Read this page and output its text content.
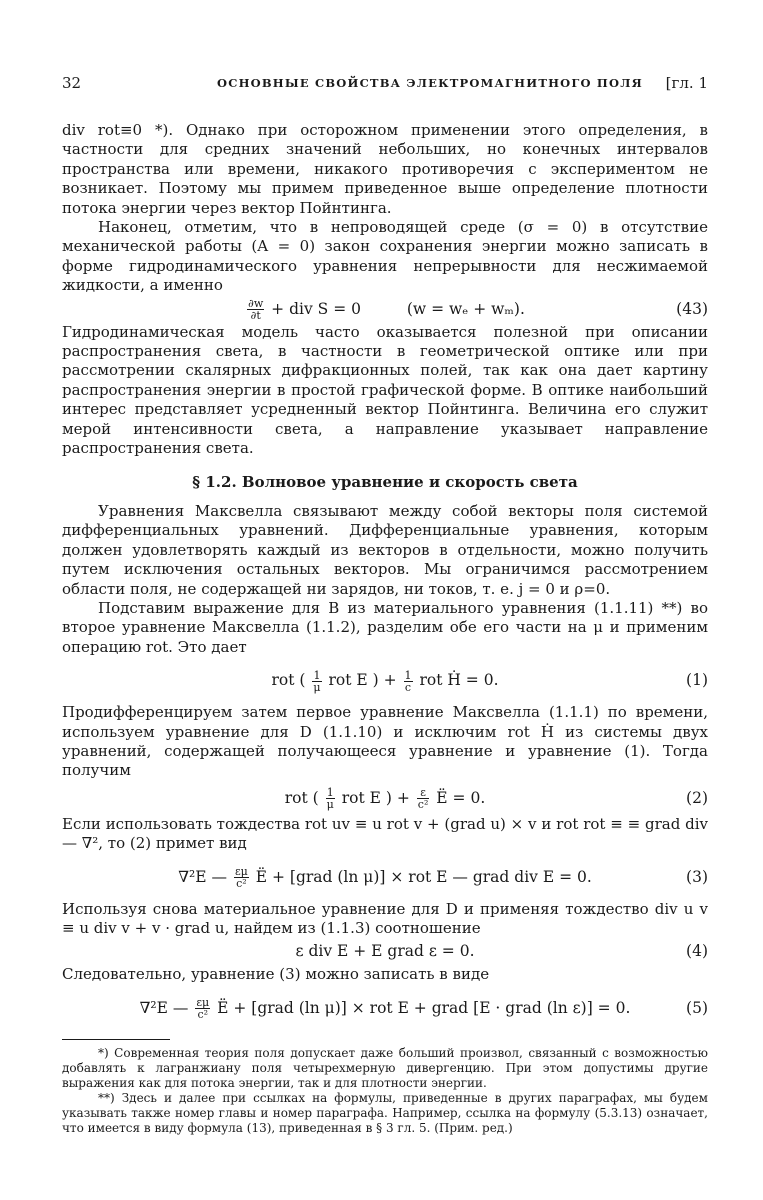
32	ОСНОВНЫЕ СВОЙСТВА ЭЛЕКТРОМАГНИТНОГО ПОЛЯ [гл. 1

div rot≡0 *). Однако при осторожном применении этого определения, в частности для средних значений небольших, но конечных интервалов пространства или времени, никакого противоречия с экспериментом не возникает. Поэтому мы примем приведенное выше определение плотности потока энергии через вектор Пойнтинга.

Наконец, отметим, что в непроводящей среде (σ = 0) в отсутствие механической работы (A = 0) закон сохранения энергии можно записать в форме гидродинамического уравнения непрерывности для несжимаемой жидкости, а именно

$\frac{\partial w}{\partial t}$ + div S = 0	(w = wₑ + wₘ).	(43)

Гидродинамическая модель часто оказывается полезной при описании распространения света, в частности в геометрической оптике или при рассмотрении скалярных дифракционных полей, так как она дает картину распространения энергии в простой графической форме. В оптике наибольший интерес представляет усредненный вектор Пойнтинга. Величина его служит мерой интенсивности света, а направление указывает направление распространения света.

§ 1.2. Волновое уравнение и скорость света

Уравнения Максвелла связывают между собой векторы поля системой дифференциальных уравнений. Дифференциальные уравнения, которым должен удовлетворять каждый из векторов в отдельности, можно получить путем исключения остальных векторов. Мы ограничимся рассмотрением области поля, не содержащей ни зарядов, ни токов, т. е. j = 0 и ρ=0.

Подставим выражение для B из материального уравнения (1.1.11) **) во второе уравнение Максвелла (1.1.2), разделим обе его части на μ и применим операцию rot. Это дает

rot ( $\frac{1}{\mu}$ rot E ) + $\frac{1}{c}$ rot Ḣ = 0.	(1)

Продифференцируем затем первое уравнение Максвелла (1.1.1) по времени, используем уравнение для D (1.1.10) и исключим rot Ḣ из системы двух уравнений, содержащей получающееся уравнение и уравнение (1). Тогда получим

rot ( $\frac{1}{\mu}$ rot E ) + $\frac{\varepsilon}{\text{c²}}$ Ë = 0.	(2)

Если использовать тождества rot uv ≡ u rot v + (grad u) × v и rot rot ≡ ≡ grad div — ∇², то (2) примет вид

∇²E — $\frac{\varepsilon\mu}{\text{c²}}$ Ë + [grad (ln μ)] × rot E — grad div E = 0.	(3)

Используя снова материальное уравнение для D и применяя тождество div u v ≡ u div v + v · grad u, найдем из (1.1.3) соотношение

ε div E + E grad ε = 0.	(4)

Следовательно, уравнение (3) можно записать в виде

∇²E — $\frac{\varepsilon\mu}{\text{c²}}$ Ë + [grad (ln μ)] × rot E + grad [E · grad (ln ε)] = 0.	(5)

*) Современная теория поля допускает даже больший произвол, связанный с возможностью добавлять к лагранжиану поля четырехмерную дивергенцию. При этом допустимы другие выражения как для потока энергии, так и для плотности энергии.

**) Здесь и далее при ссылках на формулы, приведенные в других параграфах, мы будем указывать также номер главы и номер параграфа. Например, ссылка на формулу (5.3.13) означает, что имеется в виду формула (13), приведенная в § 3 гл. 5. (Прим. ред.)
